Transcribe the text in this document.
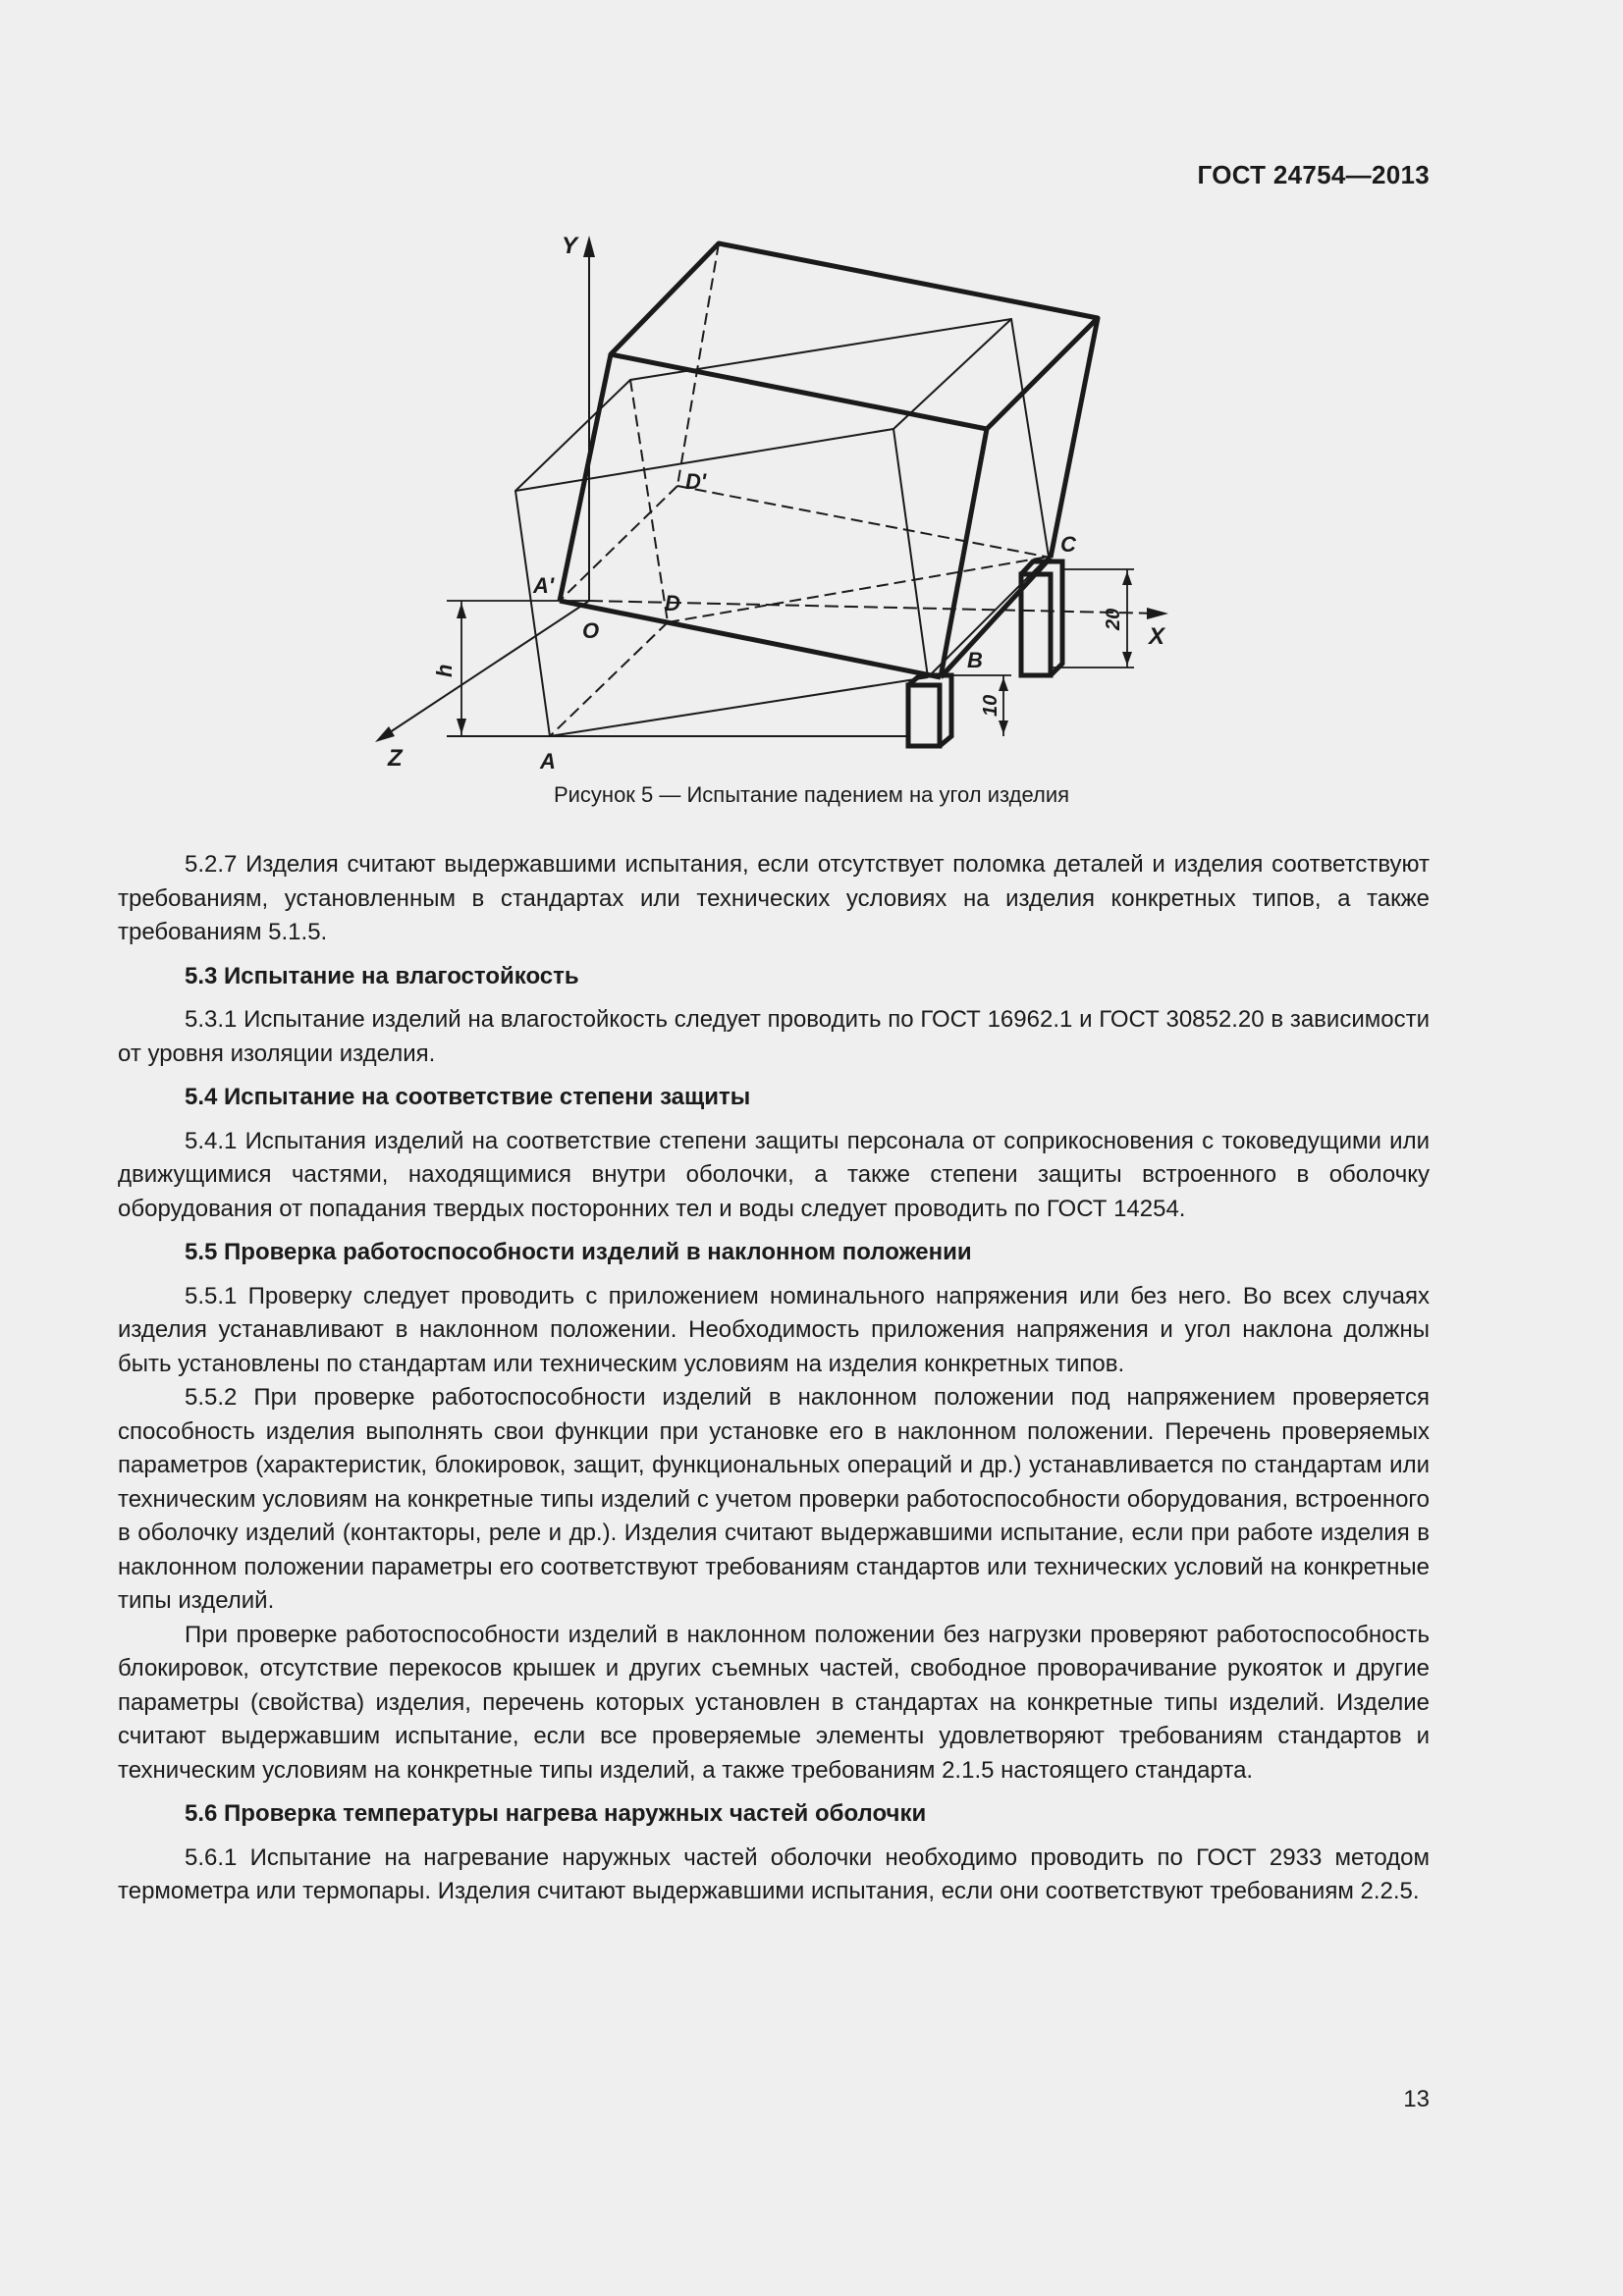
ГОСТ 24754—2013
Y
X
Z
O
A
A'
B
C
D
D'
h
10
20
Рисунок 5 — Испытание падением на угол изделия

5.2.7 Изделия считают выдержавшими испытания, если отсутствует поломка деталей и изделия соответствуют требованиям, установленным в стандартах или технических условиях на изделия конкретных типов, а также требованиям 5.1.5.

5.3 Испытание на влагостойкость

5.3.1 Испытание изделий на влагостойкость следует проводить по ГОСТ 16962.1 и ГОСТ 30852.20 в зависимости от уровня изоляции изделия.

5.4 Испытание на соответствие степени защиты

5.4.1 Испытания изделий на соответствие степени защиты персонала от соприкосновения с токоведущими или движущимися частями, находящимися внутри оболочки, а также степени защиты встроенного в оболочку оборудования от попадания твердых посторонних тел и воды следует проводить по ГОСТ 14254.

5.5 Проверка работоспособности изделий в наклонном положении

5.5.1 Проверку следует проводить с приложением номинального напряжения или без него. Во всех случаях изделия устанавливают в наклонном положении. Необходимость приложения напряжения и угол наклона должны быть установлены по стандартам или техническим условиям на изделия конкретных типов.

5.5.2 При проверке работоспособности изделий в наклонном положении под напряжением проверяется способность изделия выполнять свои функции при установке его в наклонном положении. Перечень проверяемых параметров (характеристик, блокировок, защит, функциональных операций и др.) устанавливается по стандартам или техническим условиям на конкретные типы изделий с учетом проверки работоспособности оборудования, встроенного в оболочку изделий (контакторы, реле и др.). Изделия считают выдержавшими испытание, если при работе изделия в наклонном положении параметры его соответствуют требованиям стандартов или технических условий на конкретные типы изделий.

При проверке работоспособности изделий в наклонном положении без нагрузки проверяют работоспособность блокировок, отсутствие перекосов крышек и других съемных частей, свободное проворачивание рукояток и другие параметры (свойства) изделия, перечень которых установлен в стандартах на конкретные типы изделий. Изделие считают выдержавшим испытание, если все проверяемые элементы удовлетворяют требованиям стандартов и техническим условиям на конкретные типы изделий, а также требованиям 2.1.5 настоящего стандарта.

5.6 Проверка температуры нагрева наружных частей оболочки

5.6.1 Испытание на нагревание наружных частей оболочки необходимо проводить по ГОСТ 2933 методом термометра или термопары. Изделия считают выдержавшими испытания, если они соответствуют требованиям 2.2.5.

13
